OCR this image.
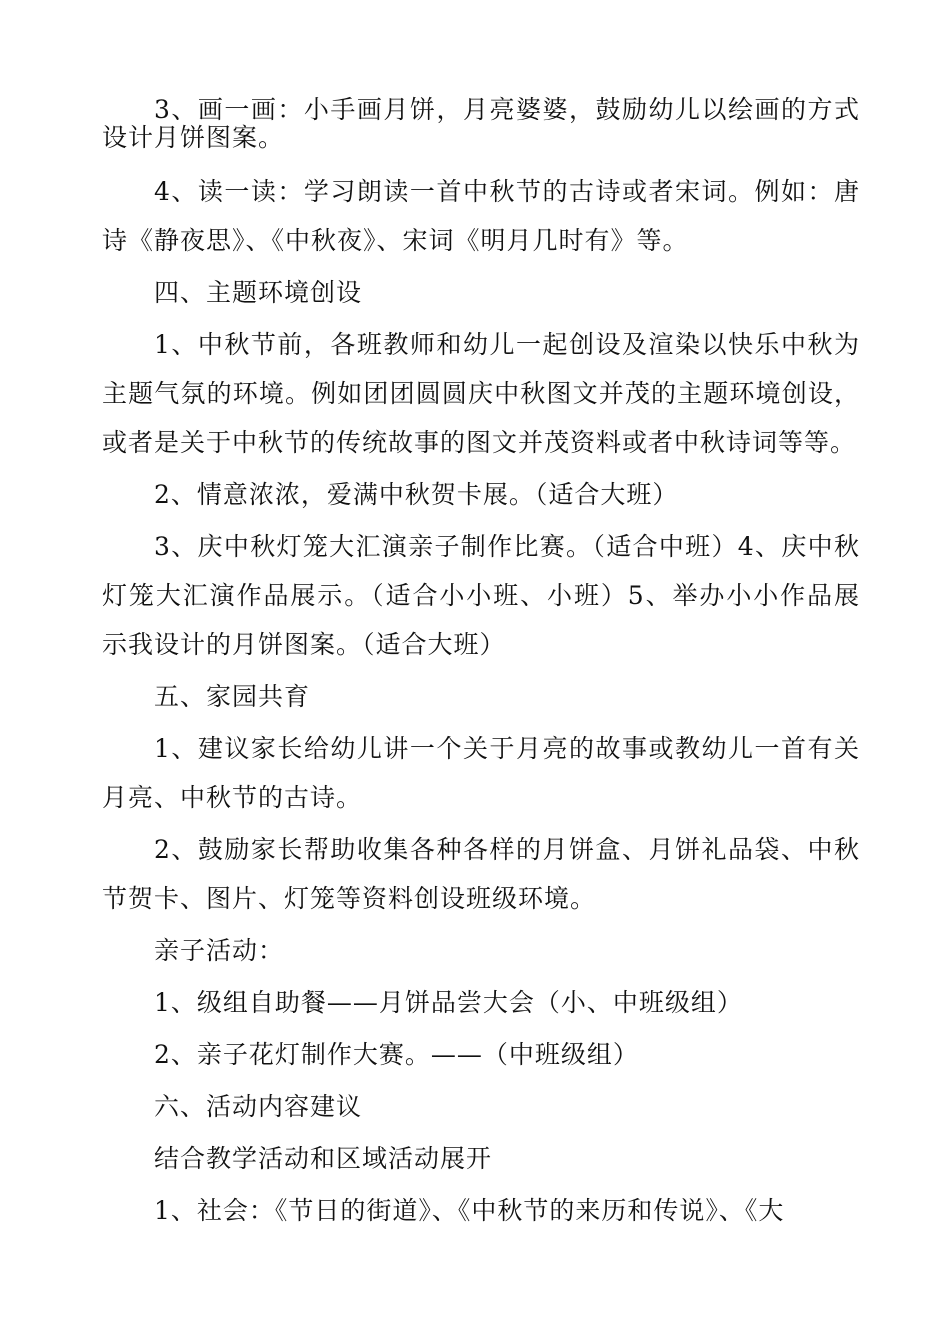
3、画一画：小手画月饼，月亮婆婆，鼓励幼儿以绘画的方式设计月饼图案。

4、读一读：学习朗读一首中秋节的古诗或者宋词。例如：唐诗《静夜思》、《中秋夜》、宋词《明月几时有》等。

四、主题环境创设

1、中秋节前，各班教师和幼儿一起创设及渲染以快乐中秋为主题气氛的环境。例如团团圆圆庆中秋图文并茂的主题环境创设，或者是关于中秋节的传统故事的图文并茂资料或者中秋诗词等等。

2、情意浓浓，爱满中秋贺卡展。（适合大班）

3、庆中秋灯笼大汇演亲子制作比赛。（适合中班）4、庆中秋灯笼大汇演作品展示。（适合小小班、小班）5、举办小小作品展示我设计的月饼图案。（适合大班）

五、家园共育

1、建议家长给幼儿讲一个关于月亮的故事或教幼儿一首有关月亮、中秋节的古诗。

2、鼓励家长帮助收集各种各样的月饼盒、月饼礼品袋、中秋节贺卡、图片、灯笼等资料创设班级环境。

亲子活动：

1、级组自助餐——月饼品尝大会（小、中班级组）

2、亲子花灯制作大赛。——（中班级组）

六、活动内容建议

结合教学活动和区域活动展开

1、社会：《节日的街道》、《中秋节的来历和传说》、《大
